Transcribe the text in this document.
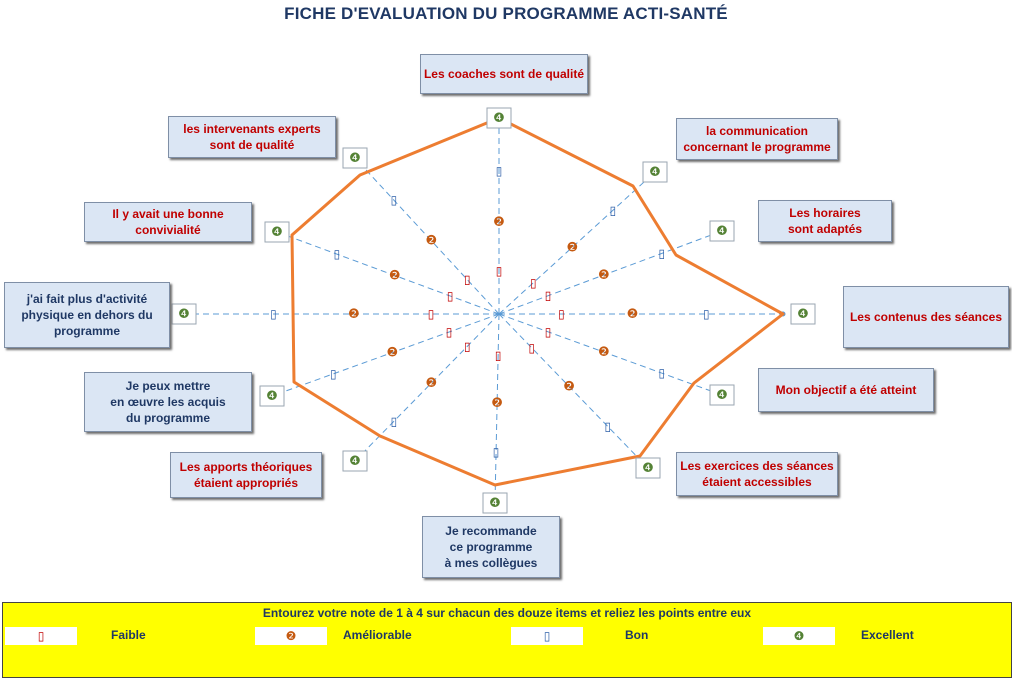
FICHE D'EVALUATION DU PROGRAMME ACTI-SANTÉ
▯
❷
▯
❹
▯
❷
▯
❹
▯
❷
▯
❹
▯	❷	▯	❹
▯
❷
▯
❹
▯
❷
▯
❹
▯
❷
▯
❹
▯
❷
▯
❹
▯
❷
▯
❹
▯
❷
▯
❹
▯
❷
▯
❹
▯
❷
▯
❹
Les coaches sont de qualité
la communication
concernant le programme
Les horaires
sont adaptés
Les contenus des séances
Mon objectif a été atteint
Les exercices des séances
étaient accessibles
Je recommande
ce programme
à mes collègues
Les apports théoriques
étaient appropriés
Je peux mettre
en œuvre les acquis
du programme
j'ai fait plus d'activité
physique en dehors du
programme
Il y avait une bonne
convivialité
les intervenants experts
sont de qualité
Entourez votre note de 1 à 4 sur chacun des douze items et reliez les points entre eux
▯	Faible	❷	Améliorable	▯	Bon	❹	Excellent
